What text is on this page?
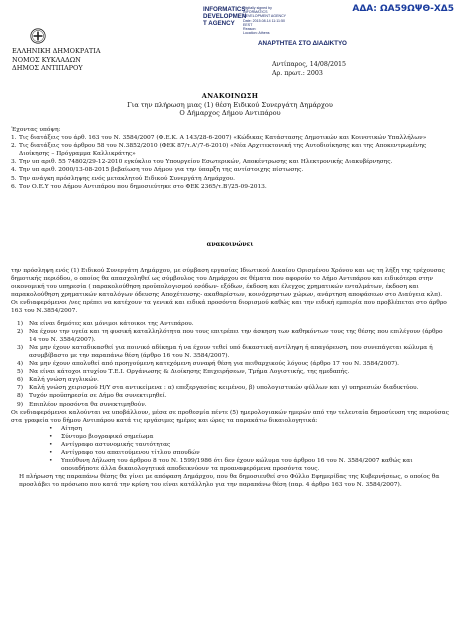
ΑΔΑ: ΩΑ59ΩΨΘ-ΧΔ5
INFORMATICS
DEVELOPMEN
T AGENCY
Digitally signed by
INFORMATICS
DEVELOPMENT AGENCY
Date: 2015.08.14 11:11:50
EEST
Reason:
Location: Athens
ΑΝΑΡΤΗΤΕΑ ΣΤΟ ΔΙΑΔΙΚΤΥΟ
ΕΛΛΗΝΙΚΗ ΔΗΜΟΚΡΑΤΙΑ
ΝΟΜΟΣ ΚΥΚΛΑΔΩΝ
ΔΗΜΟΣ ΑΝΤΙΠΑΡΟΥ	Αντίπαρος, 14/08/2015
Αρ. πρωτ.: 2003
ΑΝΑΚΟΙΝΩΣΗ
Για την πλήρωση μιας (1) θέση Ειδικού Συνεργάτη Δημάρχου
Ο Δήμαρχος Δήμου Αντιπάρου
Έχοντας υπόψη:
1. Τις διατάξεις του άρθ. 163 του Ν. 3584/2007 (Φ.Ε.Κ. Α 143/28-6-2007) «Κώδικας Κατάστασης Δημοτικών και Κοινοτικών Υπαλλήλων»
2. Τις διατάξεις του άρθρου 58 του Ν.3852/2010 (ΦΕΚ 87/τ.Α'/7-6-2010) «Νέα Αρχιτεκτονική της Αυτοδιοίκησης και της Αποκεντρωμένης Διοίκησης – Πρόγραμμα Καλλικράτης»
3. Την υπ αριθ. 55 74802/29-12-2010 εγκύκλιο του Υπουργείου Εσωτερικών, Αποκέντρωσης και Ηλεκτρονικής Διακυβέρνησης.
4. Την υπ αριθ. 2000/13-08-2015 βεβαίωση του Δήμου για την ύπαρξη της αντίστοιχης πίστωσης.
5. Την ανάγκη πρόσληψης ενός μετακλητού Ειδικού Συνεργάτη Δημάρχου.
6. Τον Ο.Ε.Υ του Δήμου Αντιπάρου που δημοσιεύτηκε στο ΦΕΚ 2365/τ.Β'/25-09-2013.
ανακοινώνει
την πρόσληψη ενός (1) Ειδικού Συνεργάτη Δημάρχου, με σύμβαση εργασίας Ιδιωτικού Δικαίου Ορισμένου Χρόνου και ως τη λήξη της τρέχουσας δημοτικής περιόδου, ο οποίος θα απασχοληθεί ως σύμβουλος του Δημάρχου σε θέματα που αφορούν το Δήμο Αντιπάρου και ειδικότερα στην οικονομική του υπηρεσία ( παρακολούθηση προϋπολογισμού εσόδων- εξόδων, έκδοση και έλεγχος χρηματικών ενταλμάτων, έκδοση και παρακολούθηση χρηματικών καταλόγων όδευσης Αποχέτευσης- ακαθαρίστων, κοινόχρηστων χώρων, ανάρτηση αποφάσεων στο Διαύγεια κλπ).
Οι ενδιαφερόμενοι /νες πρέπει να κατέχουν τα γενικά και ειδικά προσόντα διορισμού καθώς και την ειδική εμπειρία που προβλέπεται στο άρθρο 163 του Ν.3854/2007.
1)	Να είναι δημότες και μόνιμοι κάτοικοι της Αντιπάρου.
2)	Να έχουν την υγεία και τη φυσική καταλληλότητα που τους επιτρέπει την άσκηση των καθηκόντων τους της θέσης που επιλέγουν (άρθρο 14 του Ν. 3584/2007).
3)	Να μην έχουν καταδικασθεί για ποινικό αδίκημα ή να έχουν τεθεί υπό δικαστική αντίληψη ή απαγόρευση, που συνεπάγεται κώλυμα ή ασυμβίβαστο με την παραπάνω θέση (άρθρο 16 του Ν. 3584/2007).
4)	Να μην έχουν απολυθεί από προηγούμενη κατεχόμενη συναφή θέση για πειθαρχικούς λόγους (άρθρο 17 του Ν. 3584/2007).
5)	Να είναι κάτοχοι πτυχίου Τ.Ε.Ι. Οργάνωσης & Διοίκησης Επιχειρήσεων, Τμήμα Λογιστικής, της ημεδαπής.
6)	Καλή γνώση αγγλικών.
7)	Καλή γνώση χειρισμού Η/Υ στα αντικείμενα : α) επεξεργασίας κειμένου, β) υπολογιστικών φύλλων και γ) υπηρεσιών διαδικτύου.
8)	Τυχόν προϋπηρεσία σε Δήμο θα συνεκτιμηθεί.
9)	Επιπλέον προσόντα θα συνεκτιμηθούν.
Οι ενδιαφερόμενοι καλούνται να υποβάλλουν, μέσα σε προθεσμία πέντε (5) ημερολογιακών ημερών από την τελευταία δημοσίευση της παρούσας στα γραφεία του δήμου Αντιπάρου κατά τις εργάσιμες ημέρες και ώρες τα παρακάτω δικαιολογητικά:
•	Αίτηση
•	Σύντομο βιογραφικό σημείωμα
•	Αντίγραφο αστυνομικής ταυτότητας
•	Αντίγραφο του απαιτούμενου τίτλου σπουδών
•	Υπεύθυνη Δήλωση του άρθρου 8 του Ν. 1599/1986 ότι δεν έχουν κώλυμα του άρθρου 16 του Ν. 3584/2007 καθώς και οποιαδήποτε άλλα δικαιολογητικά αποδεικνύουν τα προαναφερόμενα προσόντα τους.
Η πλήρωση της παραπάνω θέσης θα γίνει με απόφαση Δημάρχου, που θα δημοσιευθεί στο Φύλλο Εφημερίδας της Κυβερνήσεως, ο οποίος θα προσλάβει το πρόσωπο που κατά την κρίση του είναι κατάλληλο για την παραπάνω θέση (παρ. 4 άρθρο 163 του Ν. 3584/2007).
